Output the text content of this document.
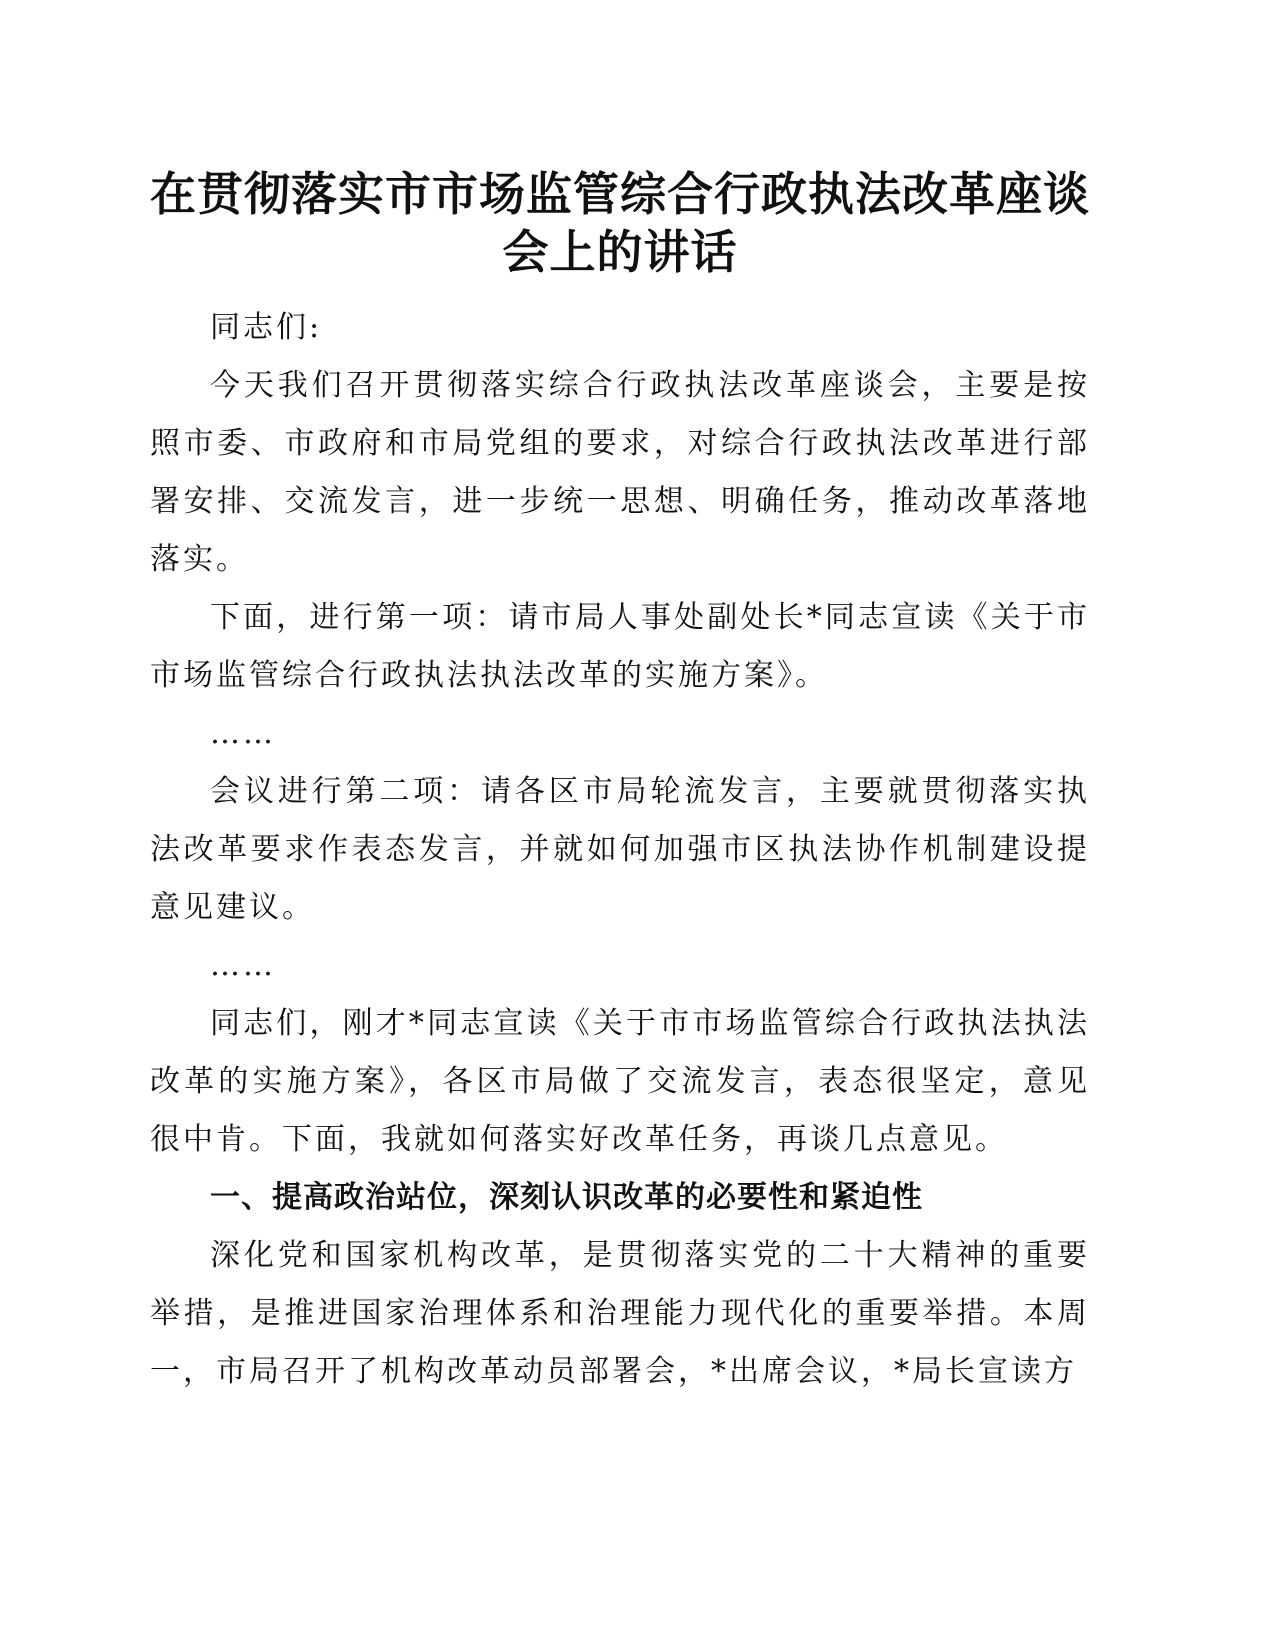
在贯彻落实市市场监管综合行政执法改革座谈
会上的讲话

同志们:

今天我们召开贯彻落实综合行政执法改革座谈会，主要是按照市委、市政府和市局党组的要求，对综合行政执法改革进行部署安排、交流发言，进一步统一思想、明确任务，推动改革落地落实。

下面，进行第一项：请市局人事处副处长*同志宣读《关于市市场监管综合行政执法执法改革的实施方案》。

……

会议进行第二项：请各区市局轮流发言，主要就贯彻落实执法改革要求作表态发言，并就如何加强市区执法协作机制建设提意见建议。

……

同志们，刚才*同志宣读《关于市市场监管综合行政执法执法改革的实施方案》，各区市局做了交流发言，表态很坚定，意见很中肯。下面，我就如何落实好改革任务，再谈几点意见。

一、提高政治站位，深刻认识改革的必要性和紧迫性

深化党和国家机构改革，是贯彻落实党的二十大精神的重要举措，是推进国家治理体系和治理能力现代化的重要举措。本周一，市局召开了机构改革动员部署会，*出席会议，*局长宣读方
